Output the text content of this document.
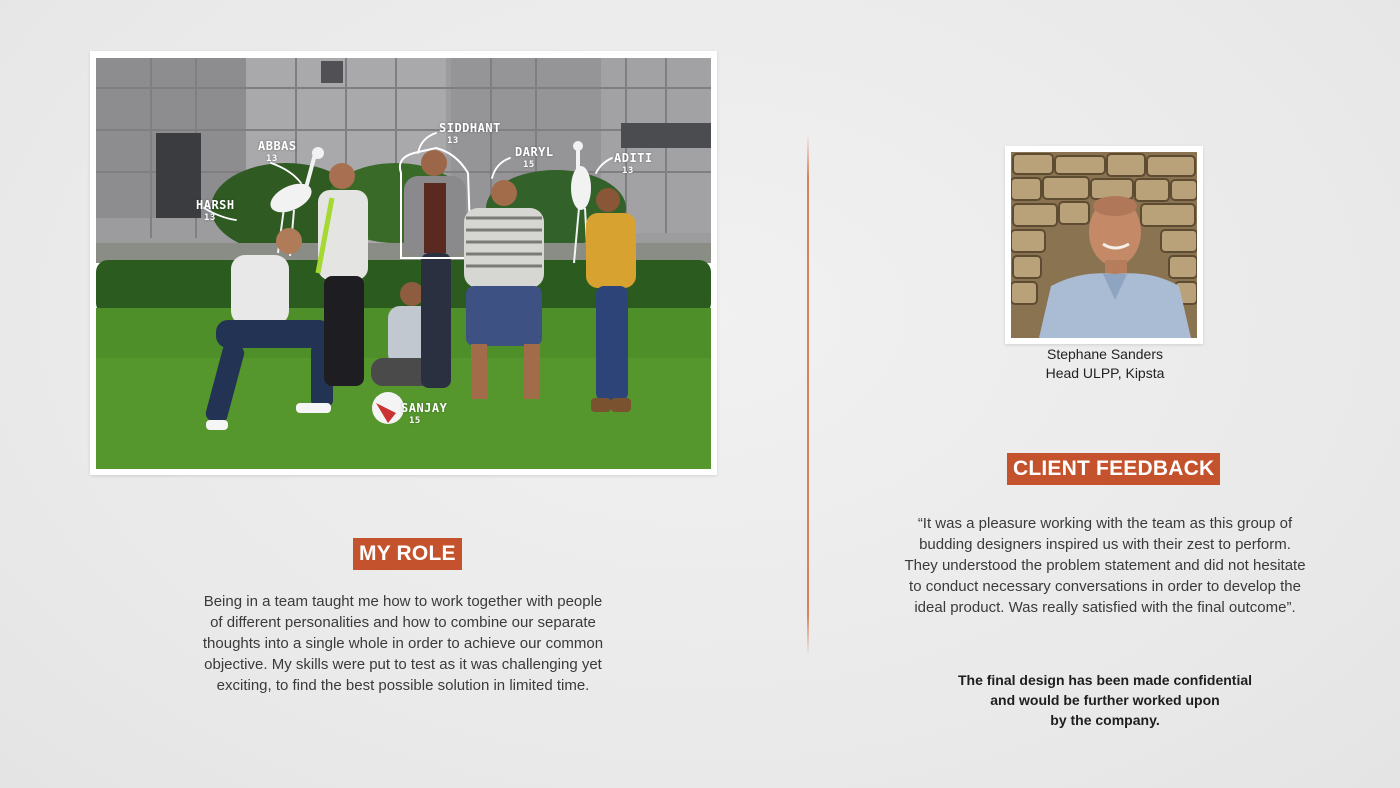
HARSH
13
ABBAS
13
SIDDHANT
13
DARYL
15	ADITI
13
SANJAY
15
MY ROLE
Being in a team taught me how to work together with people of different personalities and how to combine our separate thoughts into a single whole in order to achieve our common objective. My skills were put to test as it was challenging yet exciting, to find the best possible solution in limited time.
Stephane Sanders
Head ULPP, Kipsta
CLIENT FEEDBACK
“It was a pleasure working with the team as this group of budding designers inspired us with their zest to perform. They understood the problem statement and did not hesitate to conduct necessary conversations in order to develop the ideal product. Was really satisfied with the final outcome”.
The final design has been made confidential
and would be further worked upon
by the company.
